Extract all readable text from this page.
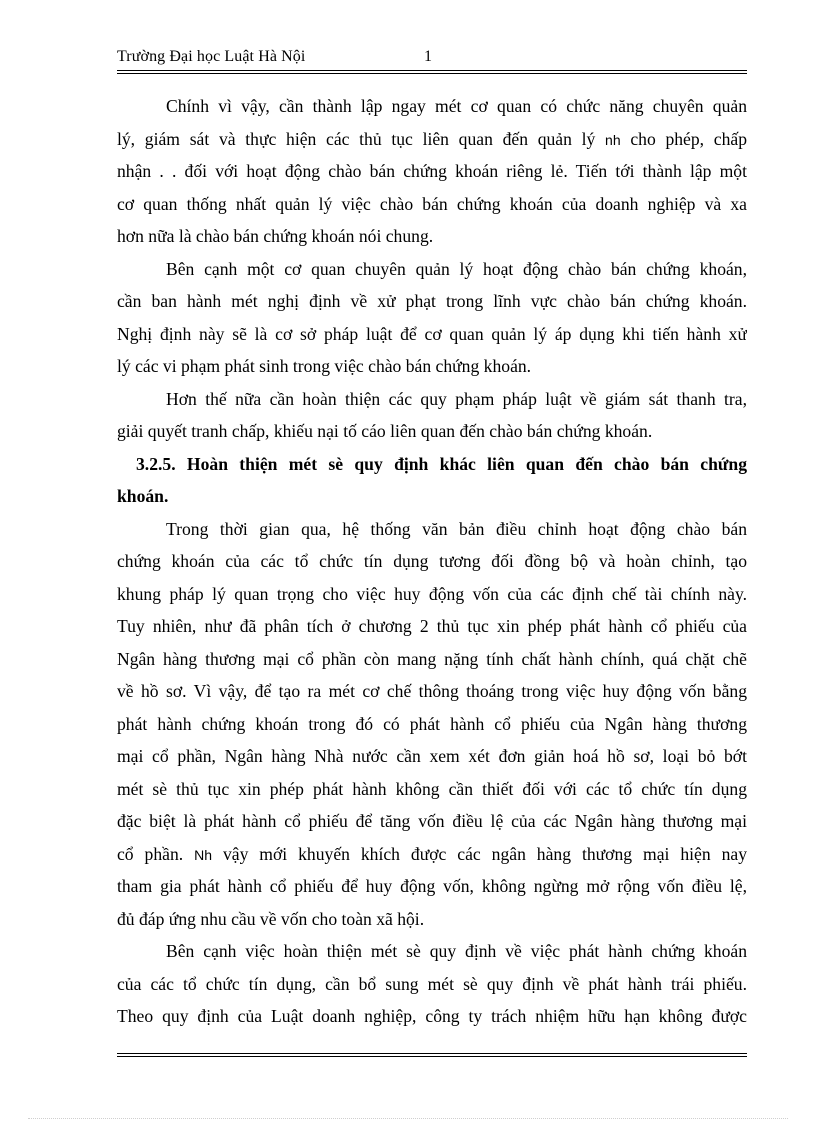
Trường Đại học Luật Hà Nội	1
Chính vì vậy, cần thành lập ngay mét cơ quan có chức năng chuyên quản
lý, giám sát và thực hiện các thủ tục liên quan đến quản lý nh cho phép, chấp
nhận . . đối với hoạt động chào bán chứng khoán riêng lẻ. Tiến tới thành lập một
cơ quan thống nhất quản lý việc chào bán chứng khoán của doanh nghiệp và xa
hơn nữa là chào bán chứng khoán nói chung.
Bên cạnh một cơ quan chuyên quản lý hoạt động chào bán chứng khoán,
cần ban hành mét nghị định về xử phạt trong lĩnh vực chào bán chứng khoán.
Nghị định này sẽ là cơ sở pháp luật để cơ quan quản lý áp dụng khi tiến hành xử
lý các vi phạm phát sinh trong việc chào bán chứng khoán.
Hơn thế nữa cần hoàn thiện các quy phạm pháp luật về giám sát thanh tra,
giải quyết tranh chấp, khiếu nại tố cáo liên quan đến chào bán chứng khoán.
3.2.5. Hoàn thiện mét sè quy định khác liên quan đến chào bán chứng
khoán.
Trong thời gian qua, hệ thống văn bản điều chỉnh hoạt động chào bán
chứng khoán của các tổ chức tín dụng tương đối đồng bộ và hoàn chỉnh, tạo
khung pháp lý quan trọng cho việc huy động vốn của các định chế tài chính này.
Tuy nhiên, như đã phân tích ở chương 2 thủ tục xin phép phát hành cổ phiếu của
Ngân hàng thương mại cổ phần còn mang nặng tính chất hành chính, quá chặt chẽ
về hồ sơ. Vì vậy, để tạo ra mét cơ chế thông thoáng trong việc huy động vốn bằng
phát hành chứng khoán trong đó có phát hành cổ phiếu của Ngân hàng thương
mại cổ phần, Ngân hàng Nhà nước cần xem xét đơn giản hoá hồ sơ, loại bỏ bớt
mét sè thủ tục xin phép phát hành không cần thiết đối với các tổ chức tín dụng
đặc biệt là phát hành cổ phiếu để tăng vốn điều lệ của các Ngân hàng thương mại
cổ phần. Nh vậy mới khuyến khích được các ngân hàng thương mại hiện nay
tham gia phát hành cổ phiếu để huy động vốn, không ngừng mở rộng vốn điều lệ,
đủ đáp ứng nhu cầu về vốn cho toàn xã hội.
Bên cạnh việc hoàn thiện mét sè quy định về việc phát hành chứng khoán
của các tổ chức tín dụng, cần bổ sung mét sè quy định về phát hành trái phiếu.
Theo quy định của Luật doanh nghiệp, công ty trách nhiệm hữu hạn không được
